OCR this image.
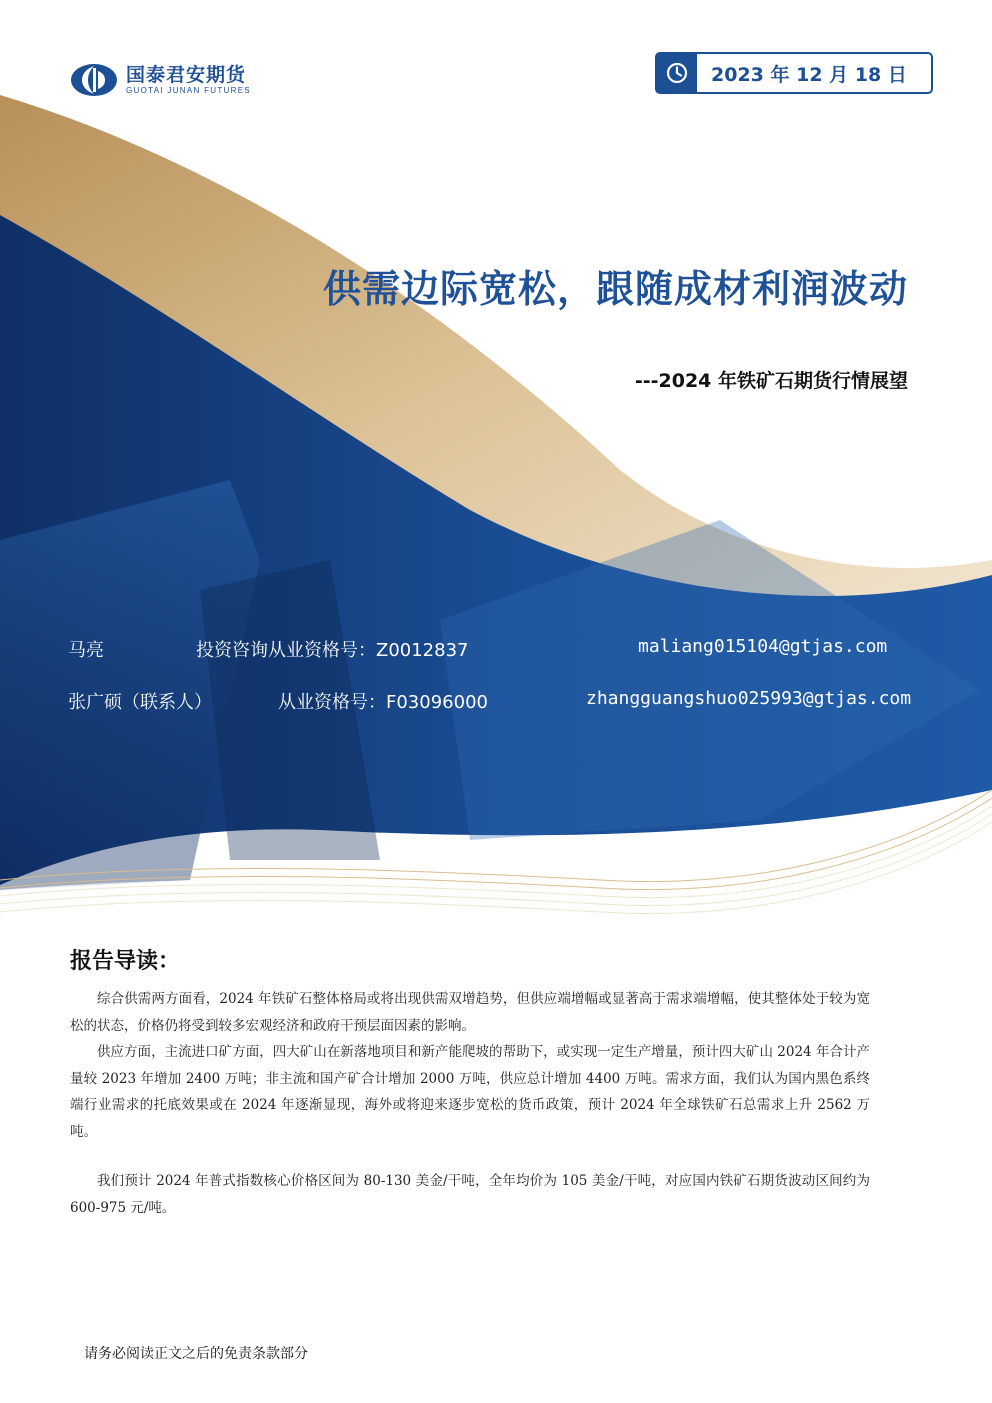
国泰君安期货
GUOTAI JUNAN FUTURES
2023 年 12 月 18 日
供需边际宽松，跟随成材利润波动
---2024 年铁矿石期货行情展望
马亮	投资咨询从业资格号：Z0012837	maliang015104@gtjas.com
张广硕（联系人）	从业资格号：F03096000	zhangguangshuo025993@gtjas.com
报告导读：

综合供需两方面看，2024 年铁矿石整体格局或将出现供需双增趋势，但供应端增幅或显著高于需求端增幅，使其整体处于较为宽松的状态，价格仍将受到较多宏观经济和政府干预层面因素的影响。

供应方面，主流进口矿方面，四大矿山在新落地项目和新产能爬坡的帮助下，或实现一定生产增量，预计四大矿山 2024 年合计产量较 2023 年增加 2400 万吨；非主流和国产矿合计增加 2000 万吨，供应总计增加 4400 万吨。需求方面，我们认为国内黑色系终端行业需求的托底效果或在 2024 年逐渐显现，海外或将迎来逐步宽松的货币政策，预计 2024 年全球铁矿石总需求上升 2562 万吨。

我们预计 2024 年普式指数核心价格区间为 80-130 美金/干吨，全年均价为 105 美金/干吨，对应国内铁矿石期货波动区间约为 600-975 元/吨。

请务必阅读正文之后的免责条款部分
